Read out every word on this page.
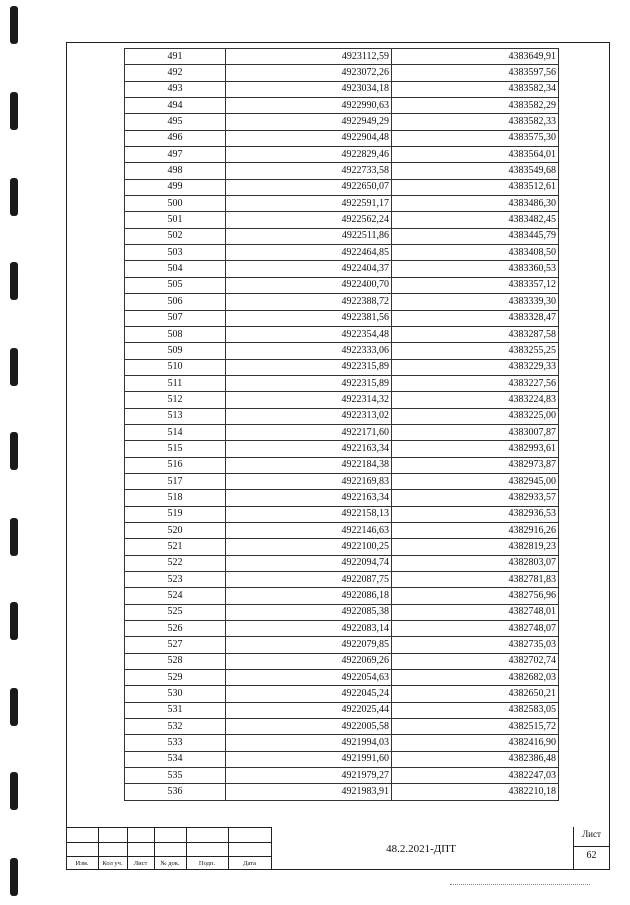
491	4923112,59	4383649,91
492	4923072,26	4383597,56
493	4923034,18	4383582,34
494	4922990,63	4383582,29
495	4922949,29	4383582,33
496	4922904,48	4383575,30
497	4922829,46	4383564,01
498	4922733,58	4383549,68
499	4922650,07	4383512,61
500	4922591,17	4383486,30
501	4922562,24	4383482,45
502	4922511,86	4383445,79
503	4922464,85	4383408,50
504	4922404,37	4383360,53
505	4922400,70	4383357,12
506	4922388,72	4383339,30
507	4922381,56	4383328,47
508	4922354,48	4383287,58
509	4922333,06	4383255,25
510	4922315,89	4383229,33
511	4922315,89	4383227,56
512	4922314,32	4383224,83
513	4922313,02	4383225,00
514	4922171,60	4383007,87
515	4922163,34	4382993,61
516	4922184,38	4382973,87
517	4922169,83	4382945,00
518	4922163,34	4382933,57
519	4922158,13	4382936,53
520	4922146,63	4382916,26
521	4922100,25	4382819,23
522	4922094,74	4382803,07
523	4922087,75	4382781,83
524	4922086,18	4382756,96
525	4922085,38	4382748,01
526	4922083,14	4382748,07
527	4922079,85	4382735,03
528	4922069,26	4382702,74
529	4922054,63	4382682,03
530	4922045,24	4382650,21
531	4922025,44	4382583,05
532	4922005,58	4382515,72
533	4921994,03	4382416,90
534	4921991,60	4382386,48
535	4921979,27	4382247,03
536	4921983,91	4382210,18
Изм.	Кол уч.	Лист	№ док.	Подп.	Дата
48.2.2021-ДПТ
Лист
62
